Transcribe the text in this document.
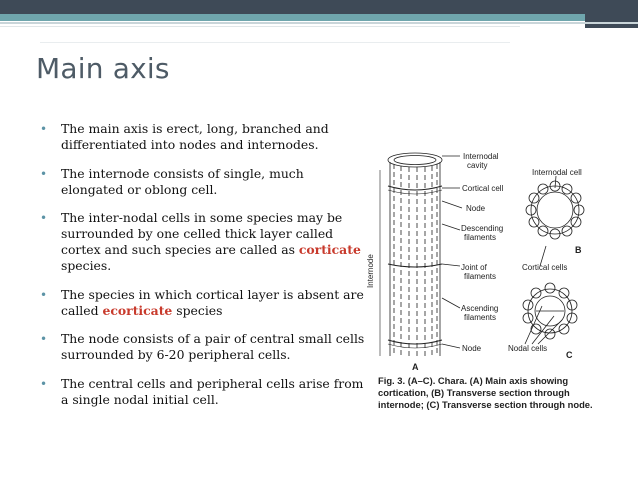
Main axis
• The main axis is erect, long, branched and differentiated into nodes and internodes.
• The internode consists of single, much elongated or oblong cell.
• The inter-nodal cells in some species may be surrounded by one celled thick layer called cortex and such species are called as corticate species.
• The species in which cortical layer is absent are called ecorticate species
• The node consists of a pair of central small cells surrounded by 6-20 peripheral cells.
• The central cells and peripheral cells arise from a single nodal initial cell.
Internodal
cavity
Internodal cell
Cortical cell
Node
Descending
filaments
B
Internode	Joint of
filaments
Cortical cells
Ascending
filaments
Node	Nodal cells
C
A
Fig. 3. (A–C). Chara. (A) Main axis showing
cortication, (B) Transverse section through
internode; (C) Transverse section through node.
